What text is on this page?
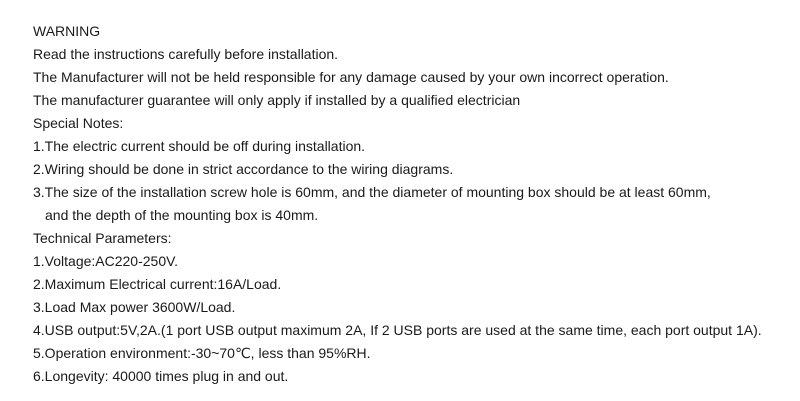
WARNING
Read the instructions carefully before installation.
The Manufacturer will not be held responsible for any damage caused by your own incorrect operation.
The manufacturer guarantee will only apply if installed by a qualified electrician
Special Notes:
1.The electric current should be off during installation.
2.Wiring should be done in strict accordance to the wiring diagrams.
3.The size of the installation screw hole is 60mm, and the diameter of mounting box should be at least 60mm,
and the depth of the mounting box is 40mm.
Technical Parameters:
1.Voltage:AC220-250V.
2.Maximum Electrical current:16A/Load.
3.Load Max power 3600W/Load.
4.USB output:5V,2A.(1 port USB output maximum 2A, If 2 USB ports are used at the same time, each port output 1A).
5.Operation environment:-30~70℃, less than 95%RH.
6.Longevity: 40000 times plug in and out.
